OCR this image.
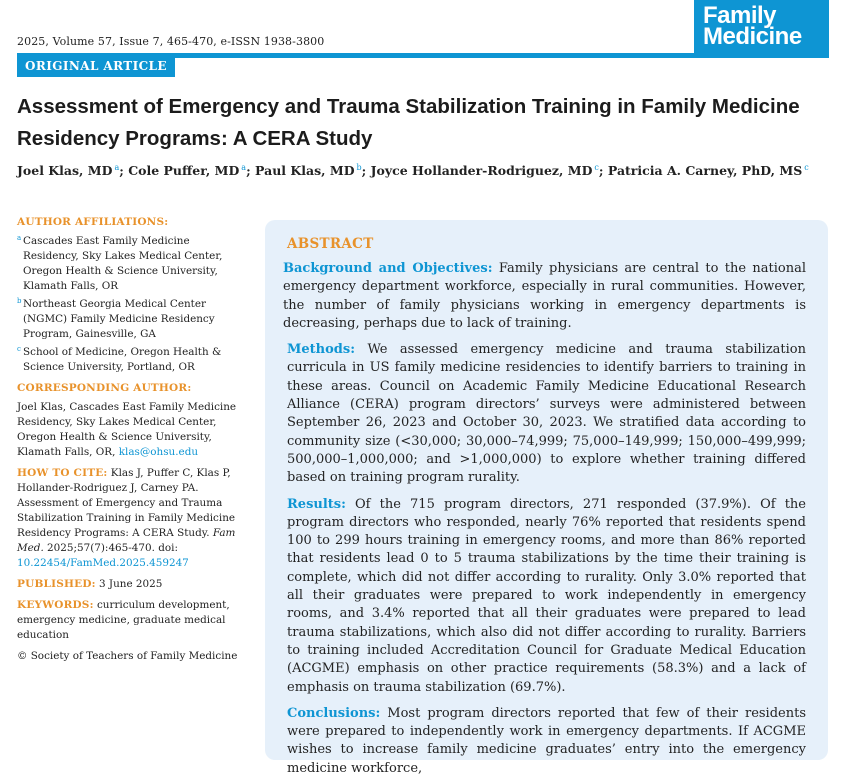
2025, Volume 57, Issue 7, 465-470, e-ISSN 1938-3800
Family
Medicine
ORIGINAL ARTICLE
Assessment of Emergency and Trauma Stabilization Training in Family Medicine Residency Programs: A CERA Study
Joel Klas, MD $^a$; Cole Puffer, MD $^a$; Paul Klas, MD $^b$; Joyce Hollander-Rodriguez, MD $^c$; Patricia A. Carney, PhD, MS $^c$
AUTHOR AFFILIATIONS:
a Cascades East Family Medicine Residency, Sky Lakes Medical Center, Oregon Health & Science University, Klamath Falls, OR
b Northeast Georgia Medical Center (NGMC) Family Medicine Residency Program, Gainesville, GA
c School of Medicine, Oregon Health & Science University, Portland, OR
CORRESPONDING AUTHOR:
Joel Klas, Cascades East Family Medicine Residency, Sky Lakes Medical Center, Oregon Health & Science University, Klamath Falls, OR, klas@ohsu.edu
HOW TO CITE: Klas J, Puffer C, Klas P, Hollander-Rodriguez J, Carney PA. Assessment of Emergency and Trauma Stabilization Training in Family Medicine Residency Programs: A CERA Study. Fam Med. 2025;57(7):465-470. doi: 10.22454/FamMed.2025.459247
PUBLISHED: 3 June 2025
KEYWORDS: curriculum development, emergency medicine, graduate medical education
© Society of Teachers of Family Medicine
ABSTRACT

Background and Objectives: Family physicians are central to the national emergency department workforce, especially in rural communities. However, the number of family physicians working in emergency departments is decreasing, perhaps due to lack of training.

Methods: We assessed emergency medicine and trauma stabilization curricula in US family medicine residencies to identify barriers to training in these areas. Council on Academic Family Medicine Educational Research Alliance (CERA) program directors’ surveys were administered between September 26, 2023 and October 30, 2023. We stratified data according to community size (<30,000; 30,000–74,999; 75,000–149,999; 150,000–499,999; 500,000–1,000,000; and >1,000,000) to explore whether training differed based on training program rurality.

Results: Of the 715 program directors, 271 responded (37.9%). Of the program directors who responded, nearly 76% reported that residents spend 100 to 299 hours training in emergency rooms, and more than 86% reported that residents lead 0 to 5 trauma stabilizations by the time their training is complete, which did not differ according to rurality. Only 3.0% reported that all their graduates were prepared to work independently in emergency rooms, and 3.4% reported that all their graduates were prepared to lead trauma stabilizations, which also did not differ according to rurality. Barriers to training included Accreditation Council for Graduate Medical Education (ACGME) emphasis on other practice requirements (58.3%) and a lack of emphasis on trauma stabilization (69.7%).

Conclusions: Most program directors reported that few of their residents were prepared to independently work in emergency departments. If ACGME wishes to increase family medicine graduates’ entry into the emergency medicine workforce,
